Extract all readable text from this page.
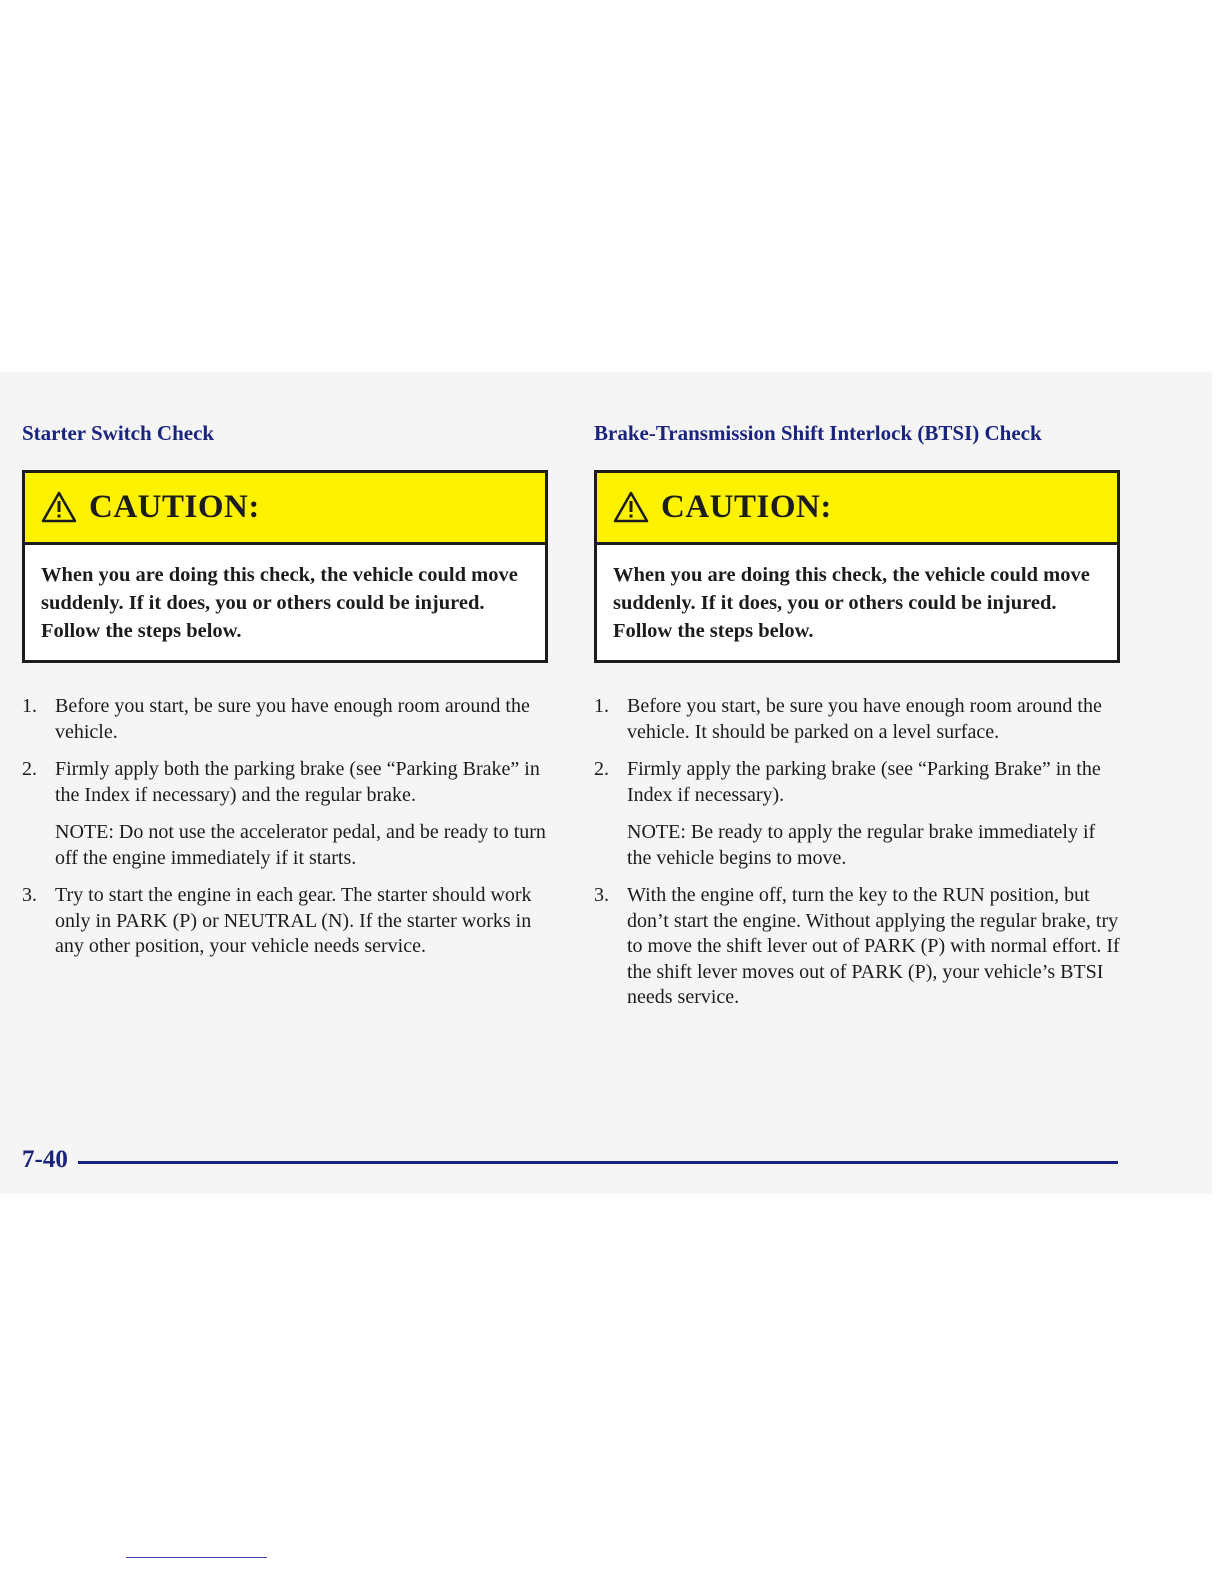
Starter Switch Check
CAUTION:
When you are doing this check, the vehicle could move suddenly. If it does, you or others could be injured. Follow the steps below.
1. Before you start, be sure you have enough room around the vehicle.
2. Firmly apply both the parking brake (see “Parking Brake” in the Index if necessary) and the regular brake.
NOTE: Do not use the accelerator pedal, and be ready to turn off the engine immediately if it starts.
3. Try to start the engine in each gear. The starter should work only in PARK (P) or NEUTRAL (N). If the starter works in any other position, your vehicle needs service.
Brake-Transmission Shift Interlock (BTSI) Check
CAUTION:
When you are doing this check, the vehicle could move suddenly. If it does, you or others could be injured. Follow the steps below.
1. Before you start, be sure you have enough room around the vehicle. It should be parked on a level surface.
2. Firmly apply the parking brake (see “Parking Brake” in the Index if necessary).
NOTE: Be ready to apply the regular brake immediately if the vehicle begins to move.
3. With the engine off, turn the key to the RUN position, but don’t start the engine. Without applying the regular brake, try to move the shift lever out of PARK (P) with normal effort. If the shift lever moves out of PARK (P), your vehicle’s BTSI needs service.
7-40
